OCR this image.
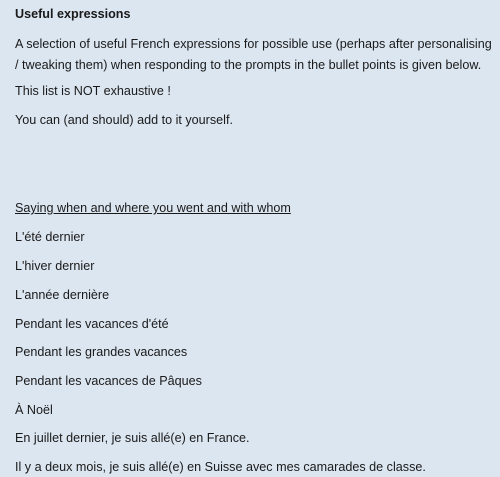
Useful expressions

A selection of useful French expressions for possible use (perhaps after personalising / tweaking them) when responding to the prompts in the bullet points is given below.

This list is NOT exhaustive !

You can (and should) add to it yourself.

Saying when and where you went and with whom

L'été dernier

L'hiver dernier

L'année dernière

Pendant les vacances d'été

Pendant les grandes vacances

Pendant les vacances de Pâques

À Noël

En juillet dernier, je suis allé(e) en France.

Il y a deux mois, je suis allé(e) en Suisse avec mes camarades de classe.
